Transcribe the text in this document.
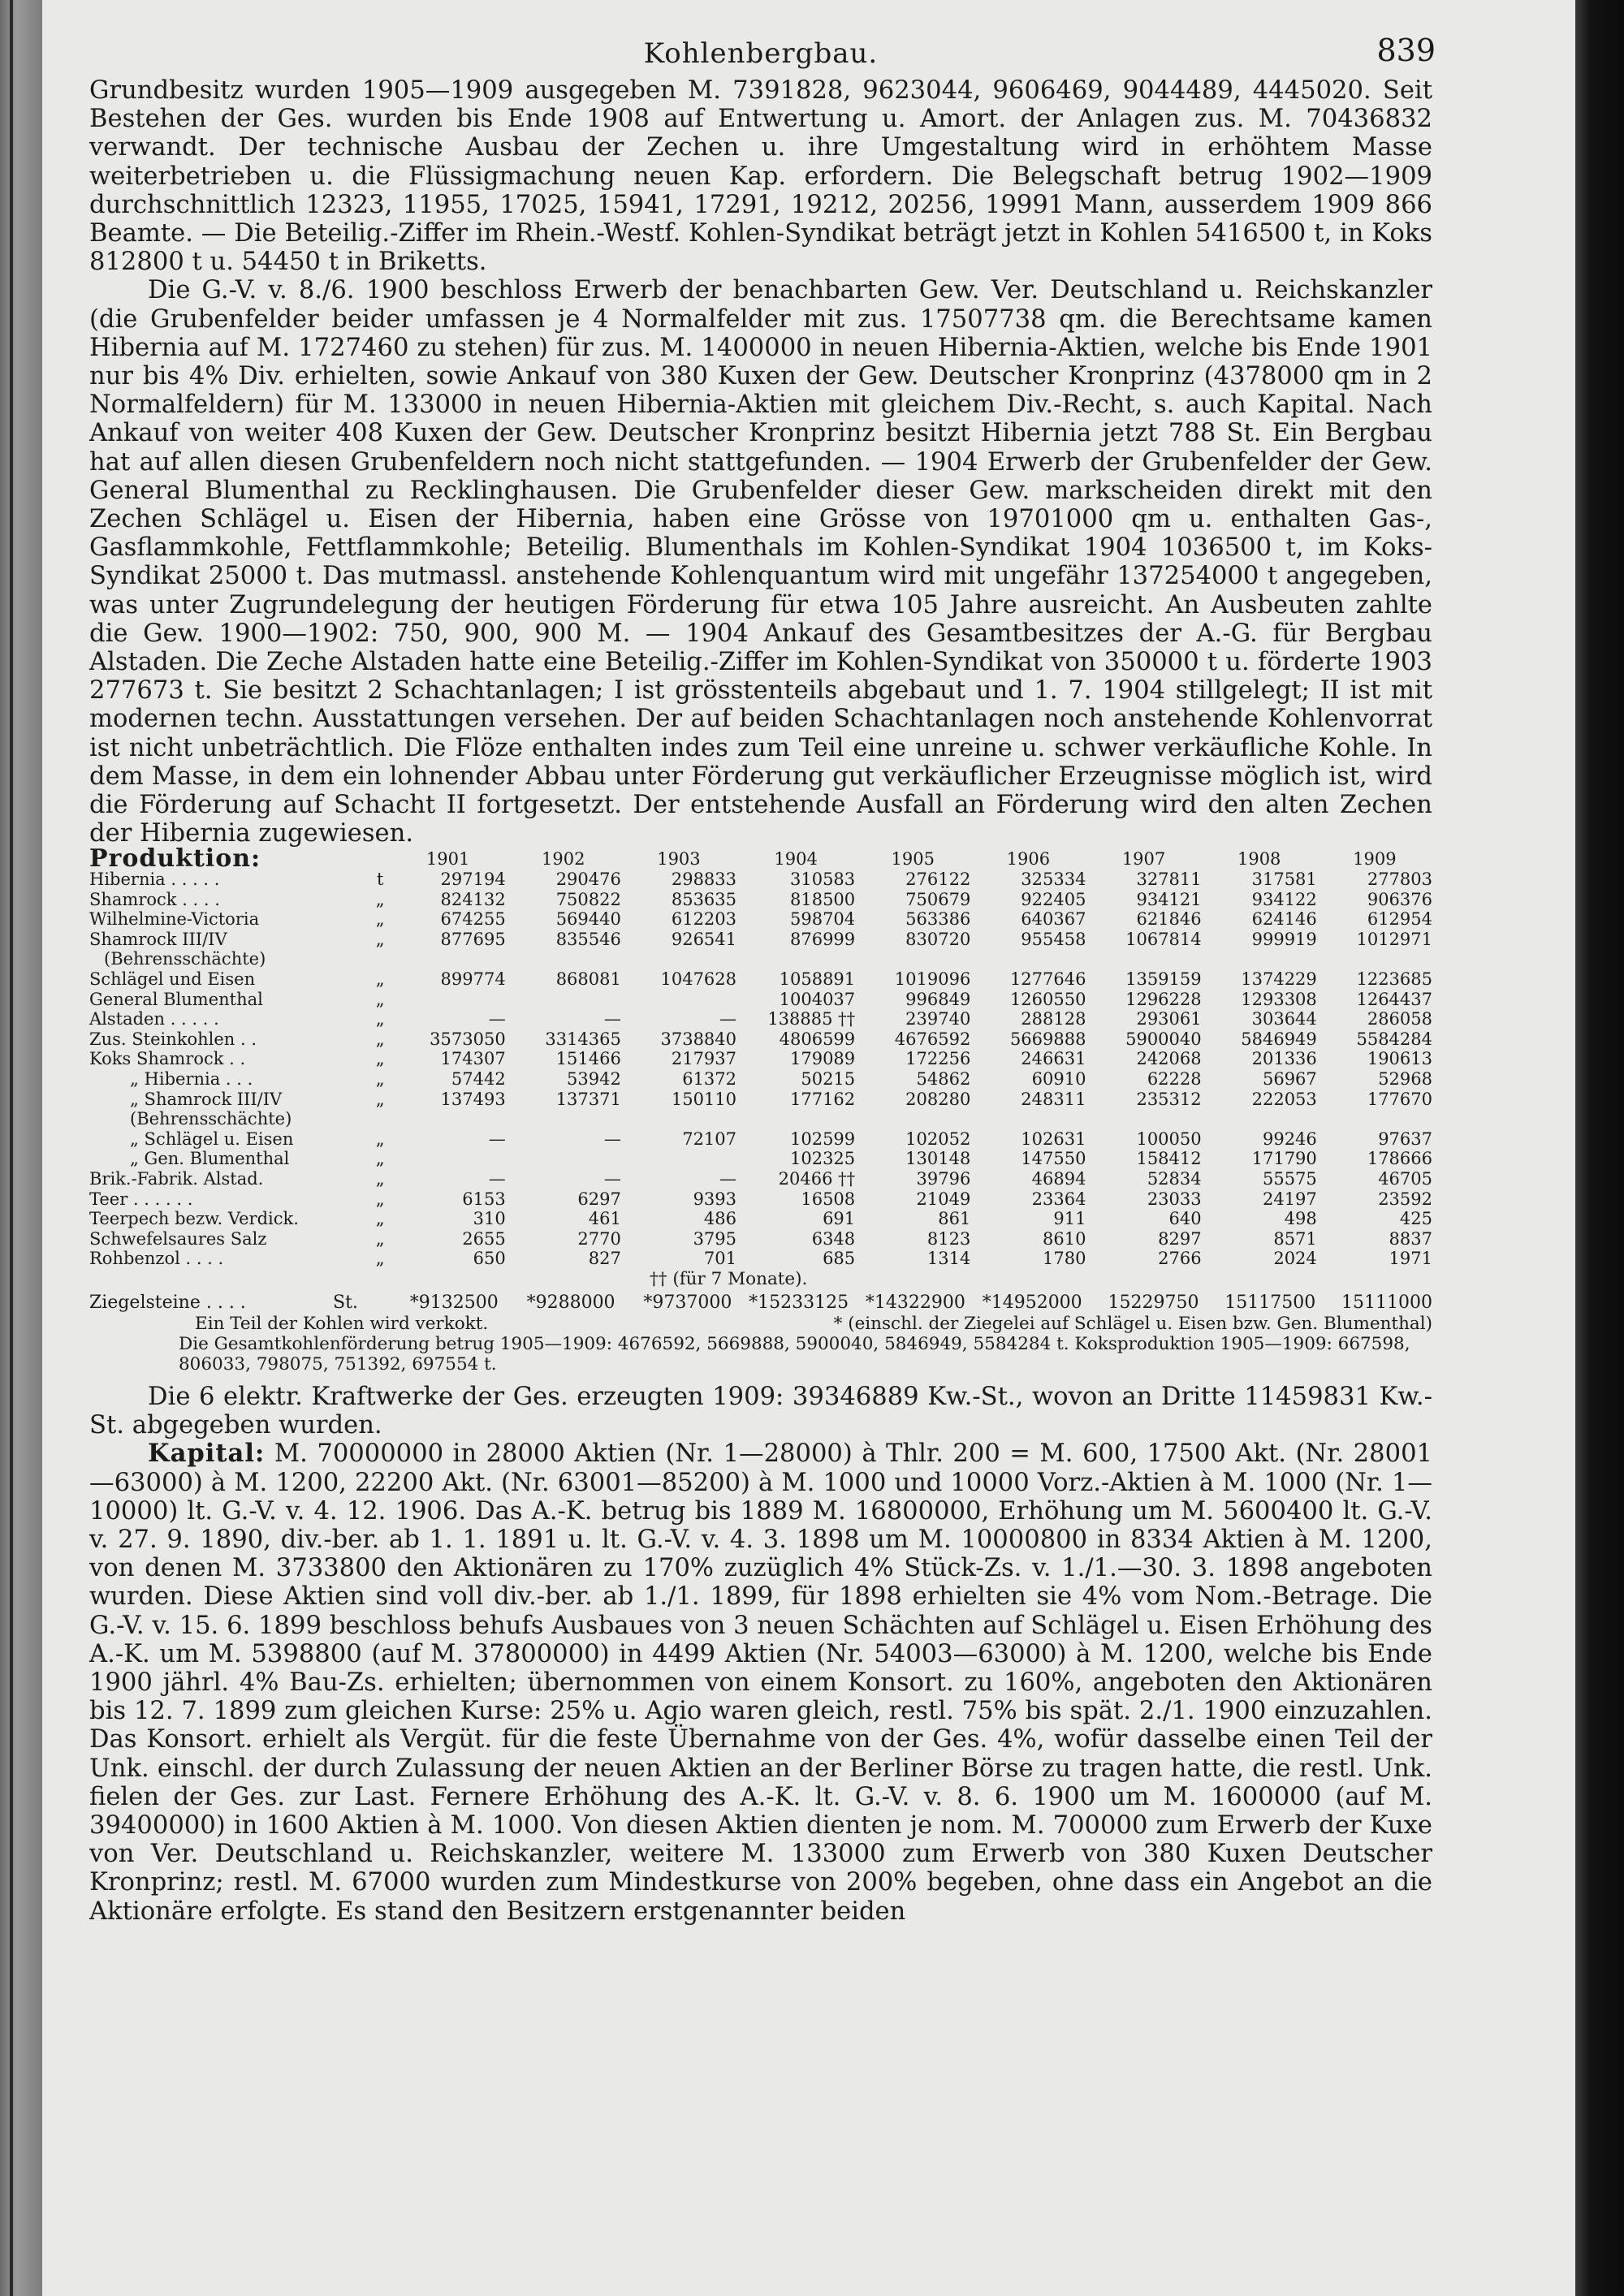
Kohlenbergbau.	839

Grundbesitz wurden 1905—1909 ausgegeben M. 7391828, 9623044, 9606469, 9044489, 4445020. Seit Bestehen der Ges. wurden bis Ende 1908 auf Entwertung u. Amort. der Anlagen zus. M. 70436832 verwandt. Der technische Ausbau der Zechen u. ihre Umgestaltung wird in erhöhtem Masse weiterbetrieben u. die Flüssigmachung neuen Kap. erfordern. Die Belegschaft betrug 1902—1909 durchschnittlich 12323, 11955, 17025, 15941, 17291, 19212, 20256, 19991 Mann, ausserdem 1909 866 Beamte. — Die Beteilig.-Ziffer im Rhein.-Westf. Kohlen-Syndikat beträgt jetzt in Kohlen 5416500 t, in Koks 812800 t u. 54450 t in Briketts.

Die G.-V. v. 8./6. 1900 beschloss Erwerb der benachbarten Gew. Ver. Deutschland u. Reichskanzler (die Grubenfelder beider umfassen je 4 Normalfelder mit zus. 17507738 qm. die Berechtsame kamen Hibernia auf M. 1727460 zu stehen) für zus. M. 1400000 in neuen Hibernia-Aktien, welche bis Ende 1901 nur bis 4% Div. erhielten, sowie Ankauf von 380 Kuxen der Gew. Deutscher Kronprinz (4378000 qm in 2 Normalfeldern) für M. 133000 in neuen Hibernia-Aktien mit gleichem Div.-Recht, s. auch Kapital. Nach Ankauf von weiter 408 Kuxen der Gew. Deutscher Kronprinz besitzt Hibernia jetzt 788 St. Ein Bergbau hat auf allen diesen Grubenfeldern noch nicht stattgefunden. — 1904 Erwerb der Grubenfelder der Gew. General Blumenthal zu Recklinghausen. Die Grubenfelder dieser Gew. markscheiden direkt mit den Zechen Schlägel u. Eisen der Hibernia, haben eine Grösse von 19701000 qm u. enthalten Gas-, Gasflammkohle, Fettflammkohle; Beteilig. Blumenthals im Kohlen-Syndikat 1904 1036500 t, im Koks-Syndikat 25000 t. Das mutmassl. anstehende Kohlenquantum wird mit ungefähr 137254000 t angegeben, was unter Zugrundelegung der heutigen Förderung für etwa 105 Jahre ausreicht. An Ausbeuten zahlte die Gew. 1900—1902: 750, 900, 900 M. — 1904 Ankauf des Gesamtbesitzes der A.-G. für Bergbau Alstaden. Die Zeche Alstaden hatte eine Beteilig.-Ziffer im Kohlen-Syndikat von 350000 t u. förderte 1903 277673 t. Sie besitzt 2 Schachtanlagen; I ist grösstenteils abgebaut und 1. 7. 1904 stillgelegt; II ist mit modernen techn. Ausstattungen versehen. Der auf beiden Schachtanlagen noch anstehende Kohlenvorrat ist nicht unbeträchtlich. Die Flöze enthalten indes zum Teil eine unreine u. schwer verkäufliche Kohle. In dem Masse, in dem ein lohnender Abbau unter Förderung gut verkäuflicher Erzeugnisse möglich ist, wird die Förderung auf Schacht II fortgesetzt. Der entstehende Ausfall an Förderung wird den alten Zechen der Hibernia zugewiesen.

Produktion:		1901	1902	1903	1904	1905	1906	1907	1908	1909
Hibernia . . . . .	t	297194	290476	298833	310583	276122	325334	327811	317581	277803
Shamrock . . . .	„	824132	750822	853635	818500	750679	922405	934121	934122	906376
Wilhelmine-Victoria	„	674255	569440	612203	598704	563386	640367	621846	624146	612954
Shamrock III/IV	„	877695	835546	926541	876999	830720	955458	1067814	999919	1012971
(Behrensschächte)										
Schlägel und Eisen	„	899774	868081	1047628	1058891	1019096	1277646	1359159	1374229	1223685
General Blumenthal	„				1004037	996849	1260550	1296228	1293308	1264437
Alstaden . . . . .	„	—	—	—	138885 ††	239740	288128	293061	303644	286058
Zus. Steinkohlen . .	„	3573050	3314365	3738840	4806599	4676592	5669888	5900040	5846949	5584284
Koks Shamrock . .	„	174307	151466	217937	179089	172256	246631	242068	201336	190613
„ Hibernia . . .	„	57442	53942	61372	50215	54862	60910	62228	56967	52968
„ Shamrock III/IV	„	137493	137371	150110	177162	208280	248311	235312	222053	177670
(Behrensschächte)										
„ Schlägel u. Eisen	„	—	—	72107	102599	102052	102631	100050	99246	97637
„ Gen. Blumenthal	„				102325	130148	147550	158412	171790	178666
Brik.-Fabrik. Alstad.	„	—	—	—	20466 ††	39796	46894	52834	55575	46705
Teer . . . . . .	„	6153	6297	9393	16508	21049	23364	23033	24197	23592
Teerpech bezw. Verdick.	„	310	461	486	691	861	911	640	498	425
Schwefelsaures Salz	„	2655	2770	3795	6348	8123	8610	8297	8571	8837
Rohbenzol . . . .	„	650	827	701	685	1314	1780	2766	2024	1971
†† (für 7 Monate).
Ziegelsteine . . . .	St.	*9132500	*9288000	*9737000 *15233125 *14322900 *14952000	15229750	15117500	15111000
Ein Teil der Kohlen wird verkokt.	* (einschl. der Ziegelei auf Schlägel u. Eisen bzw. Gen. Blumenthal)
Die Gesamtkohlenförderung betrug 1905—1909: 4676592, 5669888, 5900040, 5846949, 5584284 t. Koksproduktion 1905—1909: 667598, 806033, 798075, 751392, 697554 t.

Die 6 elektr. Kraftwerke der Ges. erzeugten 1909: 39346889 Kw.-St., wovon an Dritte 11459831 Kw.-St. abgegeben wurden.

Kapital: M. 70000000 in 28000 Aktien (Nr. 1—28000) à Thlr. 200 = M. 600, 17500 Akt. (Nr. 28001—63000) à M. 1200, 22200 Akt. (Nr. 63001—85200) à M. 1000 und 10000 Vorz.-Aktien à M. 1000 (Nr. 1—10000) lt. G.-V. v. 4. 12. 1906. Das A.-K. betrug bis 1889 M. 16800000, Erhöhung um M. 5600400 lt. G.-V. v. 27. 9. 1890, div.-ber. ab 1. 1. 1891 u. lt. G.-V. v. 4. 3. 1898 um M. 10000800 in 8334 Aktien à M. 1200, von denen M. 3733800 den Aktionären zu 170% zuzüglich 4% Stück-Zs. v. 1./1.—30. 3. 1898 angeboten wurden. Diese Aktien sind voll div.-ber. ab 1./1. 1899, für 1898 erhielten sie 4% vom Nom.-Betrage. Die G.-V. v. 15. 6. 1899 beschloss behufs Ausbaues von 3 neuen Schächten auf Schlägel u. Eisen Erhöhung des A.-K. um M. 5398800 (auf M. 37800000) in 4499 Aktien (Nr. 54003—63000) à M. 1200, welche bis Ende 1900 jährl. 4% Bau-Zs. erhielten; übernommen von einem Konsort. zu 160%, angeboten den Aktionären bis 12. 7. 1899 zum gleichen Kurse: 25% u. Agio waren gleich, restl. 75% bis spät. 2./1. 1900 einzuzahlen. Das Konsort. erhielt als Vergüt. für die feste Übernahme von der Ges. 4%, wofür dasselbe einen Teil der Unk. einschl. der durch Zulassung der neuen Aktien an der Berliner Börse zu tragen hatte, die restl. Unk. fielen der Ges. zur Last. Fernere Erhöhung des A.-K. lt. G.-V. v. 8. 6. 1900 um M. 1600000 (auf M. 39400000) in 1600 Aktien à M. 1000. Von diesen Aktien dienten je nom. M. 700000 zum Erwerb der Kuxe von Ver. Deutschland u. Reichskanzler, weitere M. 133000 zum Erwerb von 380 Kuxen Deutscher Kronprinz; restl. M. 67000 wurden zum Mindestkurse von 200% begeben, ohne dass ein Angebot an die Aktionäre erfolgte. Es stand den Besitzern erstgenannter beiden
